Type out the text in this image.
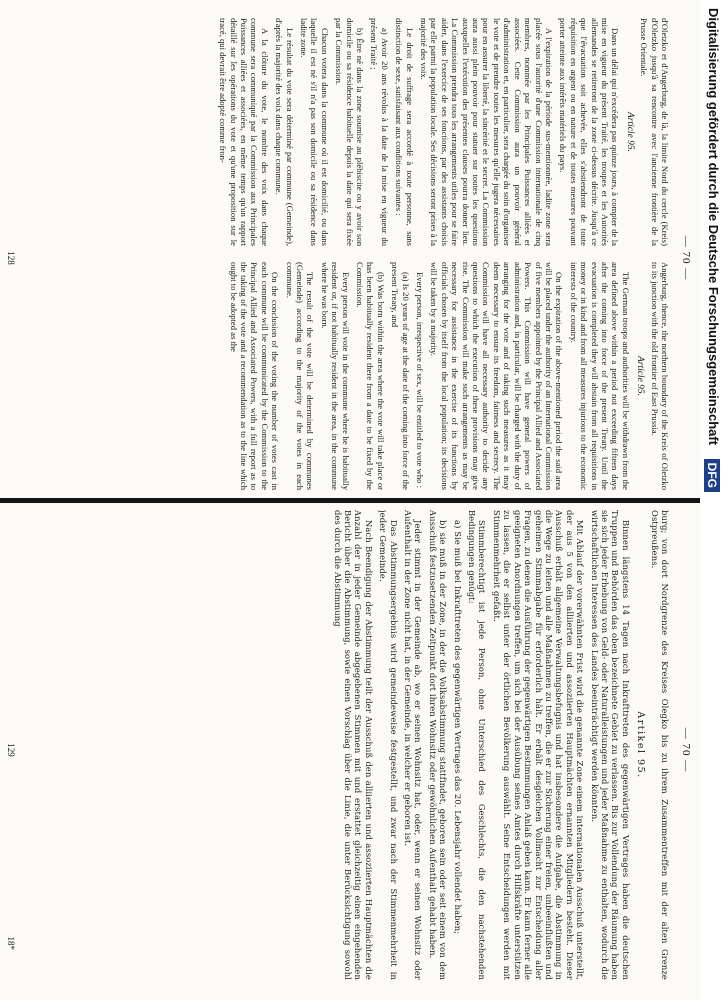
— 70 —

d'Oletzko et d'Angerburg, de là, la limite Nord du cercle (Kreis) d'Oletzko jusqu'à sa rencontre avec l'ancienne frontière de la Prusse Orientale.

Article 95.

Dans un délai qui n'excédera pas quinze jours, à compter de la mise en vigueur du présent Traité, les troupes et les Autorités allemandes se retireront de la zone ci-dessus décrite. Jusqu'à ce que l'évacuation soit achevée, elles s'abstiendront de toute réquisition en argent ou en nature et de toutes mesures pouvant porter atteinte aux intérêts matériels du pays.

A l'expiration de la période sus-mentionnée, ladite zone sera placée sous l'autorité d'une Commission internationale de cinq membres, nommée par les Principales Puissances alliées et associées. Cette Commission aura un pouvoir général d'administration et, en particulier, sera chargée du soin d'organiser le vote et de prendre toutes les mesures qu'elle jugera nécessaires pour en assurer la liberté, la sincérité et le secret. La Commission aura aussi plein pouvoir pour statuer sur toutes les questions auxquelles l'exécution des présentes clauses pourra donner lieu. La Commission prendra tous les arrangements utiles pour se faire aider, dans l'exercice de ses fonctions, par des assistants choisis par elle parmi la population locale. Ses décisions seront prises à la majorité des voix.

Le droit de suffrage sera accordé à toute personne, sans distinction de sexe, satisfaisant aux conditions suivantes :

a) Avoir 20 ans révolus à la date de la mise en vigueur du présent Traité ;

b) Être né dans la zone soumise au plébiscite ou y avoir son domicile ou sa résidence habituelle depuis la date qui sera fixée par la Commission.

Chacun votera dans la commune où il est domicilié, ou dans laquelle il est né s'il n'a pas son domicile ou sa résidence dans ladite zone.

Le résultat du vote sera déterminé par commune (Gemeinde), d'après la majorité des voix dans chaque commune.

A la clôture du vote, le nombre des voix dans chaque commune sera communiqué par la Commission aux Principales Puissances alliées et associées, en même temps qu'un rapport détaillé sur les opérations du vote et qu'une proposition sur le tracé, qui devrait être adopté comme fron-

Angerburg, thence, the northern boundary of the Kreis of Oletzko to its junction with the old frontier of East Prussia.

Article 95.

The German troops and authorities will be withdrawn from the area defined above within a period not exceeding fifteen days after the coming into force of the present Treaty. Until the evacuation is completed they will abstain from all requisitions in money or in kind and from all measures injurious to the economic interests of the country.

On the expiration of the above-mentioned period the said area will be placed under the authority of an International Commission of five members appointed by the Principal Allied and Associated Powers. This Commission will have general powers of administration and, in particular, will be charged with the duty of arranging for the vote and of taking such measures as it may deem necessary to ensure its freedom, fairness and secrecy. The Commission will have all necessary authority to decide any questions to which the execution of these provisions may give rise. The Commission will make such arrangements as may be necessary for assistance in the exercise of its functions by officials chosen by itself from the local population; its decisions will be taken by a majority.

Every person, irrespective of sex, will be entitled to vote who :

(a) Is 20 years of age at the date of the coming into force of the present Treaty, and

(b) Was born within the area where the vote will take place or has been habitually resident there from a date to be fixed by the Commission.

Every person will vote in the commune where he is habitually resident or, if not habitually resident in the area, in the commune where he was born.

The result of the vote will be determined by communes (Gemeinde) according to the majority of the votes in each commune.

On the conclusion of the voting the number of votes cast in each commune will be communicated by the Commission to the Principal Allied and Associated Powers, with a full report as to the taking of the vote and a recommendation as to the line which ought to be adopted as the

128
— 70 —

burg; von dort Nordgrenze des Kreises Olegko bis zu ihrem Zusammentreffen mit der alten Grenze Ostpreußens.

Artikel 95.

Binnen längstens 14 Tagen nach Inkrafttreten des gegenwärtigen Vertrages haben die deutschen Truppen und Behörden das oben bezeichnete Gebiet zu verlassen. Bis zur Vollendung der Räumung haben sie sich jeder Erhebung von Geld- oder Naturalleistungen und jeder Maßnahme zu enthalten, wodurch die wirtschaftlichen Interessen des Landes beeinträchtigt werden könnten.

Mit Ablauf der vorerwähnten Frist wird die genannte Zone einem internationalen Ausschuß unterstellt, der aus 5 von den alliierten und assoziierten Hauptmächten ernannten Mitgliedern besteht. Dieser Ausschuß erhält allgemeine Verwaltungsbefugnis und hat insbesondere die Aufgabe, die Abstimmung in die Wege zu leiten und alle Maßnahmen zu treffen, die er zur Sicherung einer freien, unbeeinflußten und geheimen Stimmabgabe für erforderlich hält. Er erhält desgleichen Vollmacht zur Entscheidung aller Fragen, zu denen die Ausführung der gegenwärtigen Bestimmungen Anlaß geben kann. Er kann ferner alle geeigneten Anordnungen treffen, um sich bei der Ausübung seines Amtes durch Hilfskräfte unterstützen zu lassen, die er selbst unter der örtlichen Bevölkerung auswählt. Seine Entscheidungen werden mit Stimmenmehrheit gefaßt.

Stimmberechtigt ist jede Person, ohne Unterschied des Geschlechts, die den nachstehenden Bedingungen genügt:

a) Sie muß bei Inkrafttreten des gegenwärtigen Vertrages das 20. Lebensjahr vollendet haben;

b) sie muß in der Zone, in der die Volksabstimmung stattfindet, geboren sein oder seit einem von dem Ausschuß festzusetzenden Zeitpunkt dort ihren Wohnsitz oder gewöhnlichen Aufenthalt gehabt haben.

Jeder stimmt in der Gemeinde ab, wo er seinen Wohnsitz hat, oder, wenn er seinen Wohnsitz oder Aufenthalt in der Zone nicht hat, in der Gemeinde, in welcher er geboren ist.

Das Abstimmungsergebnis wird gemeindeweise festgestellt, und zwar nach der Stimmenmehrheit in jeder Gemeinde.

Nach Beendigung der Abstimmung teilt der Ausschuß den alliierten und assoziierten Hauptmächten die Anzahl der in jeder Gemeinde abgegebenen Stimmen mit und erstattet gleichzeitig einen eingehenden Bericht über die Abstimmung, sowie einen Vorschlag über die Linie, die unter Berücksichtigung sowohl des durch die Abstimmung

129
18*
Digitalisierung gefördert durch die Deutsche Forschungsgemeinschaft DFG
